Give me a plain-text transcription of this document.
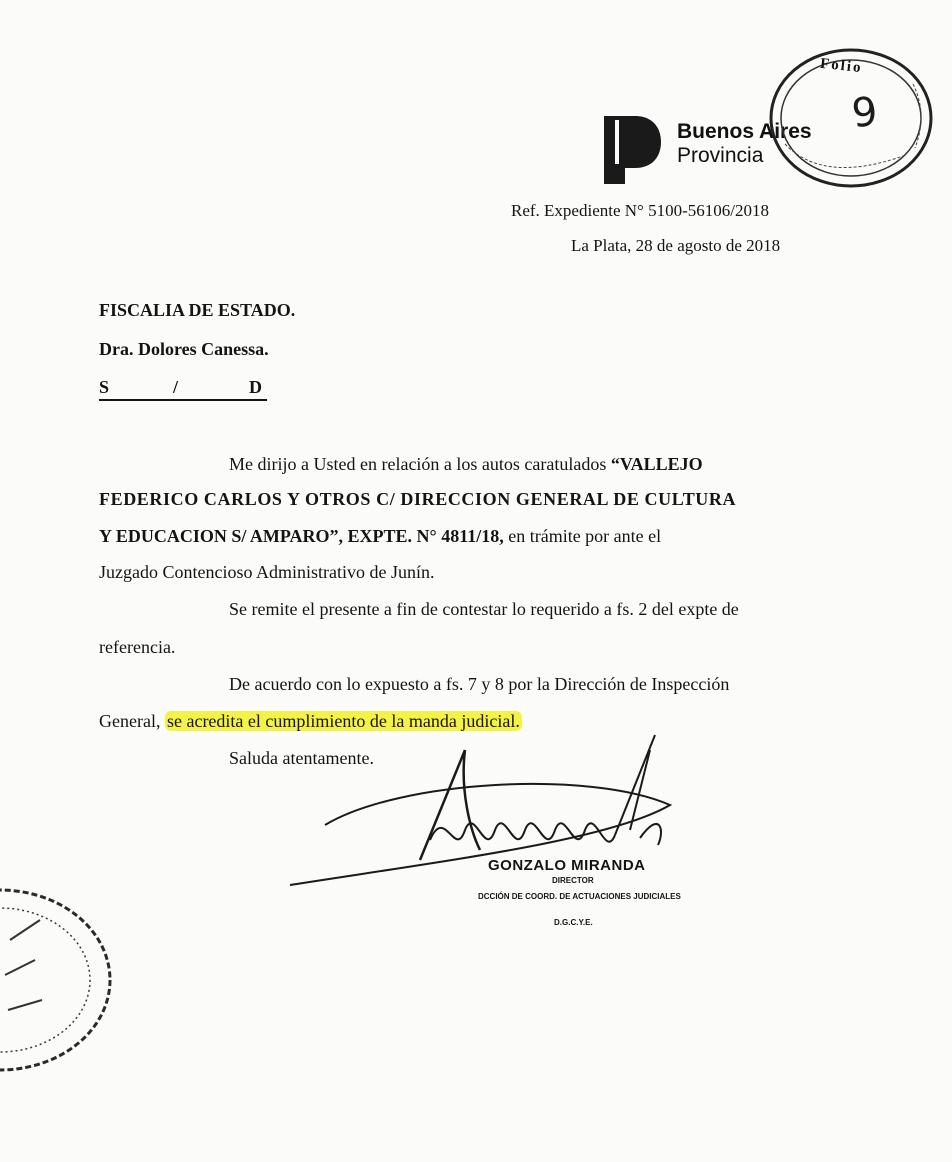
Buenos Aires
Provincia
Folio
9
Ref. Expediente N° 5100-56106/2018
La Plata, 28 de agosto de 2018
FISCALIA DE ESTADO.
Dra. Dolores Canessa.
S	/	D
Me dirijo a Usted en relación a los autos caratulados “VALLEJO
FEDERICO CARLOS Y OTROS C/ DIRECCION GENERAL DE CULTURA
Y EDUCACION S/ AMPARO”, EXPTE. N° 4811/18, en trámite por ante el
Juzgado Contencioso Administrativo de Junín.
Se remite el presente a fin de contestar lo requerido a fs. 2 del expte de
referencia.
De acuerdo con lo expuesto a fs. 7 y 8 por la Dirección de Inspección
General, se acredita el cumplimiento de la manda judicial.
Saluda atentamente.
GONZALO MIRANDA
DIRECTOR
DCCIÓN DE COORD. DE ACTUACIONES JUDICIALES
D.G.C.Y.E.
